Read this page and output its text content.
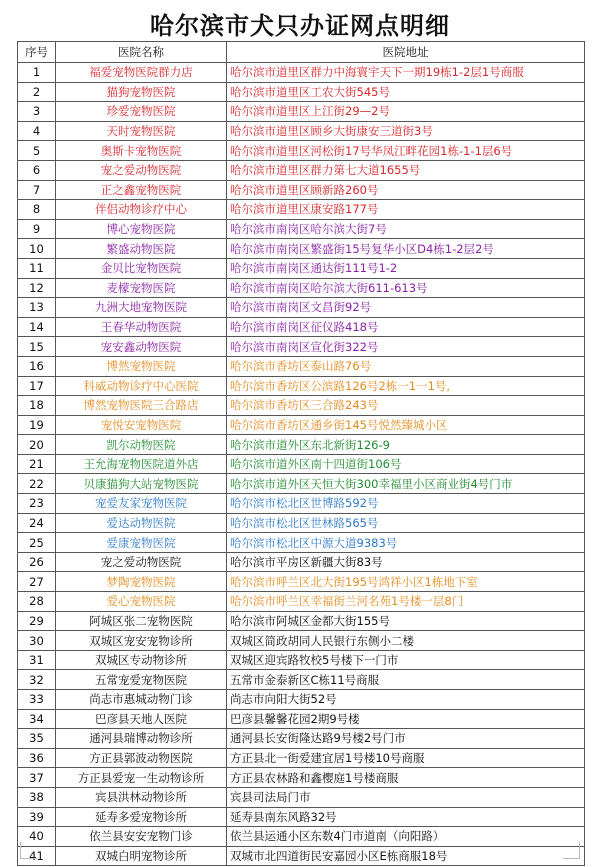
哈尔滨市犬只办证网点明细
序号	医院名称	医院地址
1	福爱宠物医院群力店	哈尔滨市道里区群力中海寰宇天下一期19栋1-2层1号商服
2	猫狗宠物医院	哈尔滨市道里区工农大街545号
3	珍爱宠物医院	哈尔滨市道里区上江街29—2号
4	天时宠物医院	哈尔滨市道里区顾乡大街康安三道街3号
5	奥斯卡宠物医院	哈尔滨市道里区河松街17号华凤江畔花园1栋-1-1层6号
6	宠之爱动物医院	哈尔滨市道里区群力第七大道1655号
7	正之鑫宠物医院	哈尔滨市道里区顾新路260号
8	伴侣动物诊疗中心	哈尔滨市道里区康安路177号
9	博心宠物医院	哈尔滨市南岗区哈尔滨大街7号
10	繁盛动物医院	哈尔滨市南岗区繁盛街15号复华小区D4栋1-2层2号
11	金贝比宠物医院	哈尔滨市南岗区通达街111号1-2
12	麦檬宠物医院	哈尔滨市南岗区哈尔滨大街611-613号
13	九洲大地宠物医院	哈尔滨市南岗区文昌街92号
14	王春华动物医院	哈尔滨市南岗区征仪路418号
15	宠安鑫动物医院	哈尔滨市南岗区宣化街322号
16	博然宠物医院	哈尔滨市香坊区泰山路76号
17	科威动物诊疗中心医院	哈尔滨市香坊区公滨路126号2栋一1一1号,
18	博然宠物医院三合路店	哈尔滨市香坊区三合路243号
19	宠悦安宠物医院	哈尔滨市香坊区通乡街145号悦然臻城小区
20	凯尔动物医院	哈尔滨市道外区东北新街126-9
21	王允海宠物医院道外店	哈尔滨市道外区南十四道街106号
22	贝康猫狗大站宠物医院	哈尔滨市道外区天恒大街300幸福里小区商业街4号门市
23	宠爱友家宠物医院	哈尔滨市松北区世博路592号
24	爱达动物医院	哈尔滨市松北区世林路565号
25	爱康宠物医院	哈尔滨市松北区中源大道9383号
26	宠之爱动物医院	哈尔滨市平房区新疆大街83号
27	梦陶宠物医院	哈尔滨市呼兰区北大街195号鸿祥小区1栋地下室
28	爱心宠物医院	哈尔滨市呼兰区幸福街兰河名苑1号楼一层8门
29	阿城区张二宠物医院	哈尔滨市阿城区金都大街155号
30	双城区宠安宠物诊所	双城区简政胡同人民银行东侧小二楼
31	双城区专动物诊所	双城区迎宾路牧校5号楼下一门市
32	五常宠爱宠物医院	五常市金泰新区C栋11号商服
33	尚志市惠城动物门诊	尚志市向阳大街52号
34	巴彦县天地人医院	巴彦县馨馨花园2期9号楼
35	通河县瑞博动物诊所	通河县长安街隆达路9号楼2号门市
36	方正县郭波动物医院	方正县北一街爱建宜居1号楼10号商服
37	方正县爱宠一生动物诊所	方正县农林路和鑫樱庭1号楼商服
38	宾县洪林动物诊所	宾县司法局门市
39	延寿多爱宠物诊所	延寿县南东风路32号
40	依兰县安安宠物门诊	依兰县运通小区东数4门市道南（向阳路）
41	双城白明宠物诊所	双城市北四道街民安嘉园小区E栋商服18号
